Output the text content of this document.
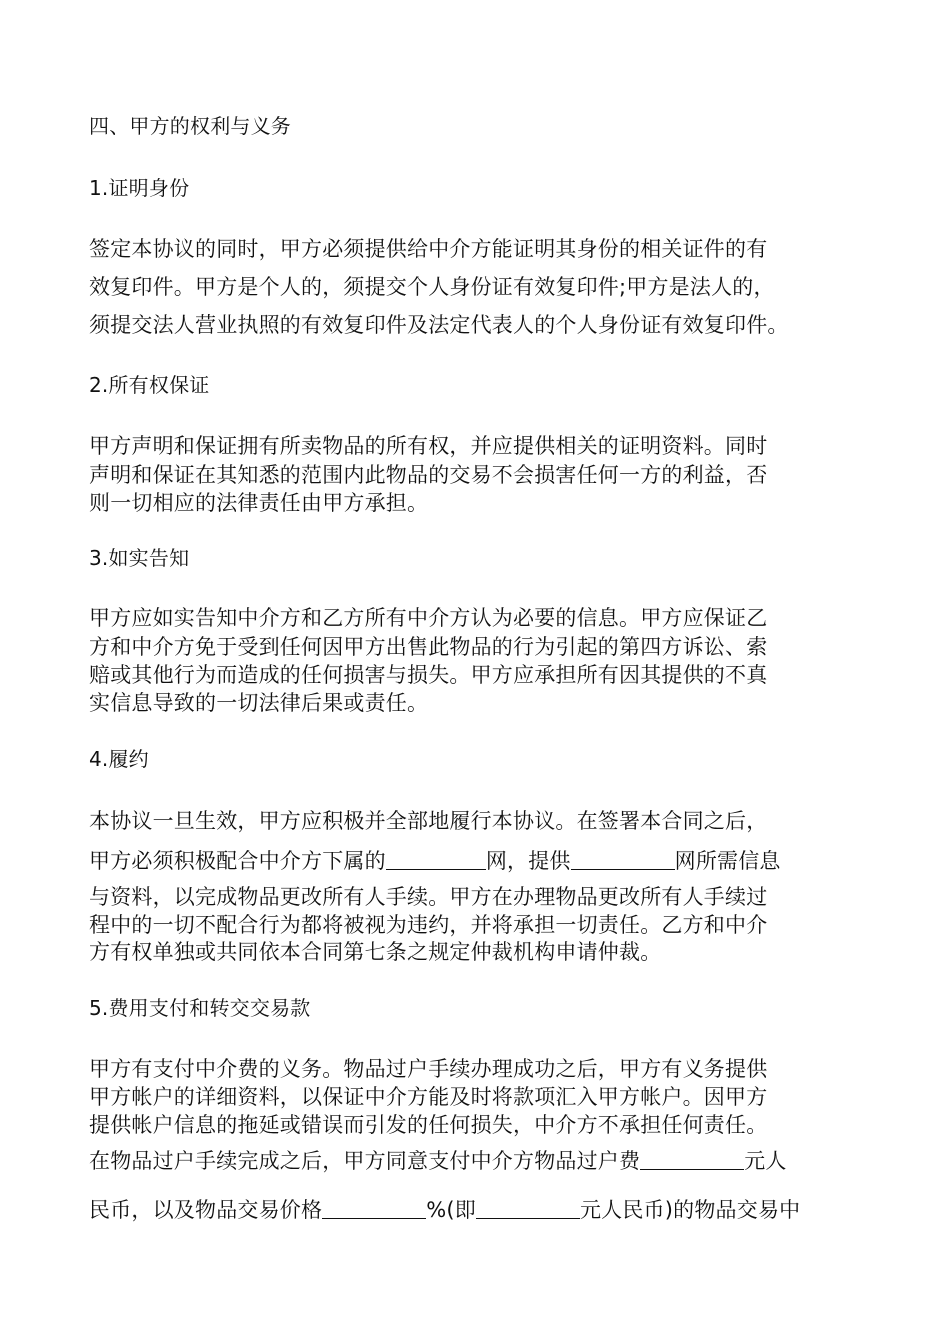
四、甲方的权利与义务
1.证明身份
签定本协议的同时，甲方必须提供给中介方能证明其身份的相关证件的有
效复印件。甲方是个人的，须提交个人身份证有效复印件;甲方是法人的，
须提交法人营业执照的有效复印件及法定代表人的个人身份证有效复印件。
2.所有权保证
甲方声明和保证拥有所卖物品的所有权，并应提供相关的证明资料。同时
声明和保证在其知悉的范围内此物品的交易不会损害任何一方的利益，否
则一切相应的法律责任由甲方承担。
3.如实告知
甲方应如实告知中介方和乙方所有中介方认为必要的信息。甲方应保证乙
方和中介方免于受到任何因甲方出售此物品的行为引起的第四方诉讼、索
赔或其他行为而造成的任何损害与损失。甲方应承担所有因其提供的不真
实信息导致的一切法律后果或责任。
4.履约
本协议一旦生效，甲方应积极并全部地履行本协议。在签署本合同之后，
甲方必须积极配合中介方下属的	网，提供	网所需信息
与资料，以完成物品更改所有人手续。甲方在办理物品更改所有人手续过
程中的一切不配合行为都将被视为违约，并将承担一切责任。乙方和中介
方有权单独或共同依本合同第七条之规定仲裁机构申请仲裁。
5.费用支付和转交交易款
甲方有支付中介费的义务。物品过户手续办理成功之后，甲方有义务提供
甲方帐户的详细资料，以保证中介方能及时将款项汇入甲方帐户。因甲方
提供帐户信息的拖延或错误而引发的任何损失，中介方不承担任何责任。
在物品过户手续完成之后，甲方同意支付中介方物品过户费	元人
民币，以及物品交易价格	%(即	元人民币)的物品交易中
